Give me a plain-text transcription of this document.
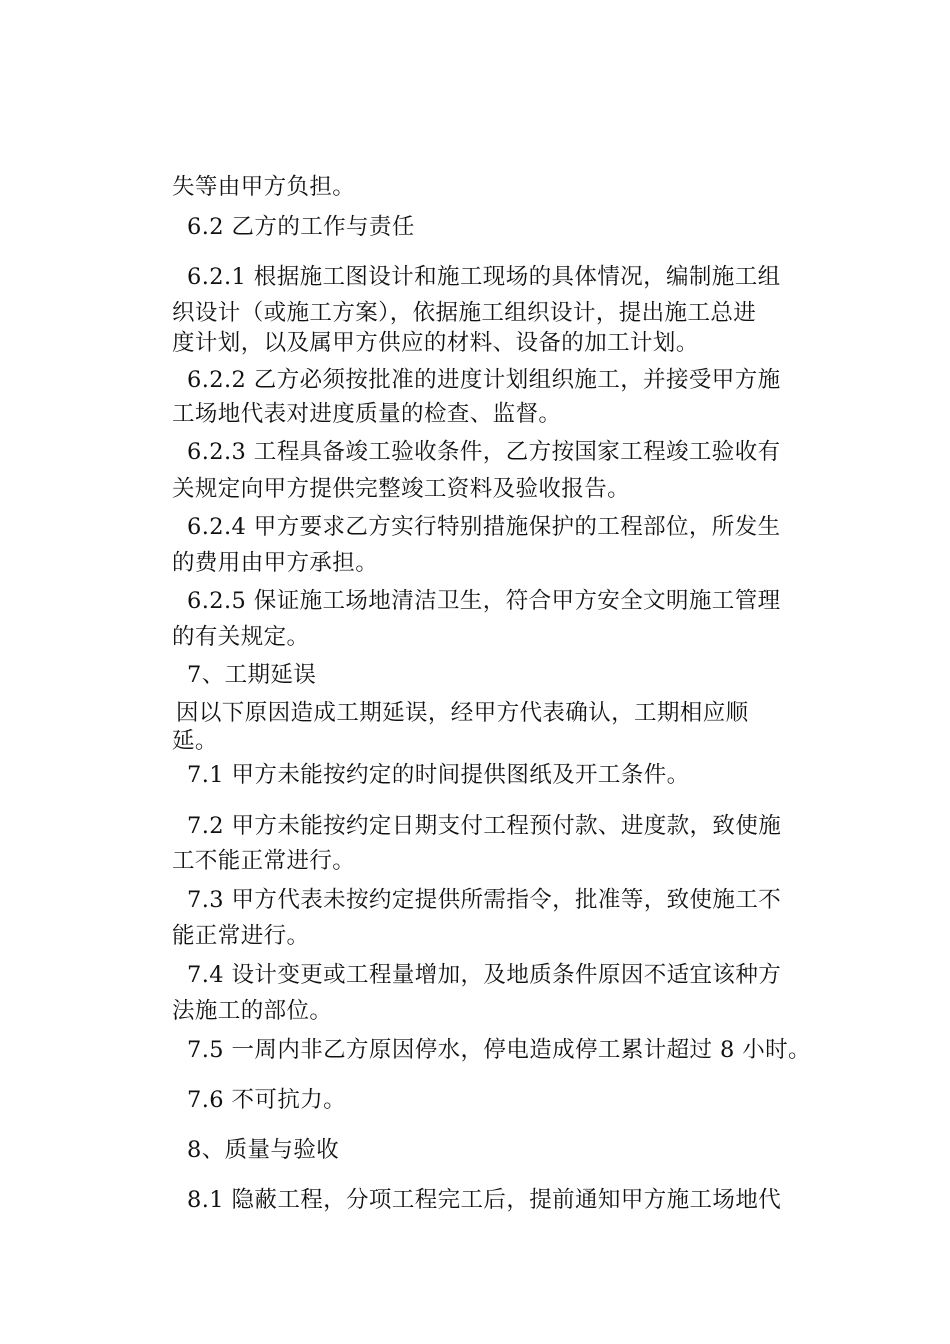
失等由甲方负担。
6.2 乙方的工作与责任
6.2.1 根据施工图设计和施工现场的具体情况，编制施工组
织设计（或施工方案），依据施工组织设计，提出施工总进
度计划，以及属甲方供应的材料、设备的加工计划。
6.2.2 乙方必须按批准的进度计划组织施工，并接受甲方施
工场地代表对进度质量的检查、监督。
6.2.3 工程具备竣工验收条件，乙方按国家工程竣工验收有
关规定向甲方提供完整竣工资料及验收报告。
6.2.4 甲方要求乙方实行特别措施保护的工程部位，所发生
的费用由甲方承担。
6.2.5 保证施工场地清洁卫生，符合甲方安全文明施工管理
的有关规定。
7、工期延误
因以下原因造成工期延误，经甲方代表确认，工期相应顺
延。
7.1 甲方未能按约定的时间提供图纸及开工条件。
7.2 甲方未能按约定日期支付工程预付款、进度款，致使施
工不能正常进行。
7.3 甲方代表未按约定提供所需指令，批准等，致使施工不
能正常进行。
7.4 设计变更或工程量增加，及地质条件原因不适宜该种方
法施工的部位。
7.5 一周内非乙方原因停水，停电造成停工累计超过 8 小时。
7.6 不可抗力。
8、质量与验收
8.1 隐蔽工程，分项工程完工后，提前通知甲方施工场地代
